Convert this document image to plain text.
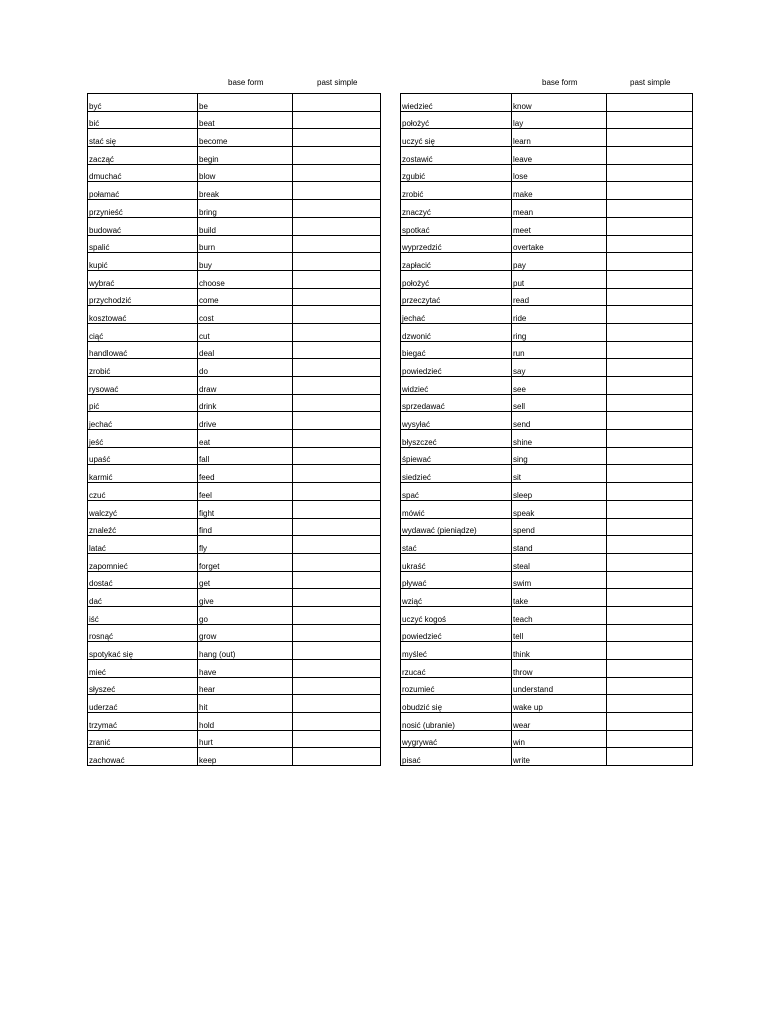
base form	past simple
być	be	
bić	beat	
stać się	become	
zacząć	begin	
dmuchać	blow	
połamać	break	
przynieść	bring	
budować	build	
spalić	burn	
kupić	buy	
wybrać	choose	
przychodzić	come	
kosztować	cost	
ciąć	cut	
handlować	deal	
zrobić	do	
rysować	draw	
pić	drink	
jechać	drive	
jeść	eat	
upaść	fall	
karmić	feed	
czuć	feel	
walczyć	fight	
znaleźć	find	
latać	fly	
zapomnieć	forget	
dostać	get	
dać	give	
iść	go	
rosnąć	grow	
spotykać się	hang (out)	
mieć	have	
słyszeć	hear	
uderzać	hit	
trzymać	hold	
zranić	hurt	
zachować	keep	
base form	past simple
wiedzieć	know	
położyć	lay	
uczyć się	learn	
zostawić	leave	
zgubić	lose	
zrobić	make	
znaczyć	mean	
spotkać	meet	
wyprzedzić	overtake	
zapłacić	pay	
położyć	put	
przeczytać	read	
jechać	ride	
dzwonić	ring	
biegać	run	
powiedzieć	say	
widzieć	see	
sprzedawać	sell	
wysyłać	send	
błyszczeć	shine	
śpiewać	sing	
siedzieć	sit	
spać	sleep	
mówić	speak	
wydawać (pieniądze)	spend	
stać	stand	
ukraść	steal	
pływać	swim	
wziąć	take	
uczyć kogoś	teach	
powiedzieć	tell	
myśleć	think	
rzucać	throw	
rozumieć	understand	
obudzić się	wake up	
nosić (ubranie)	wear	
wygrywać	win	
pisać	write	
